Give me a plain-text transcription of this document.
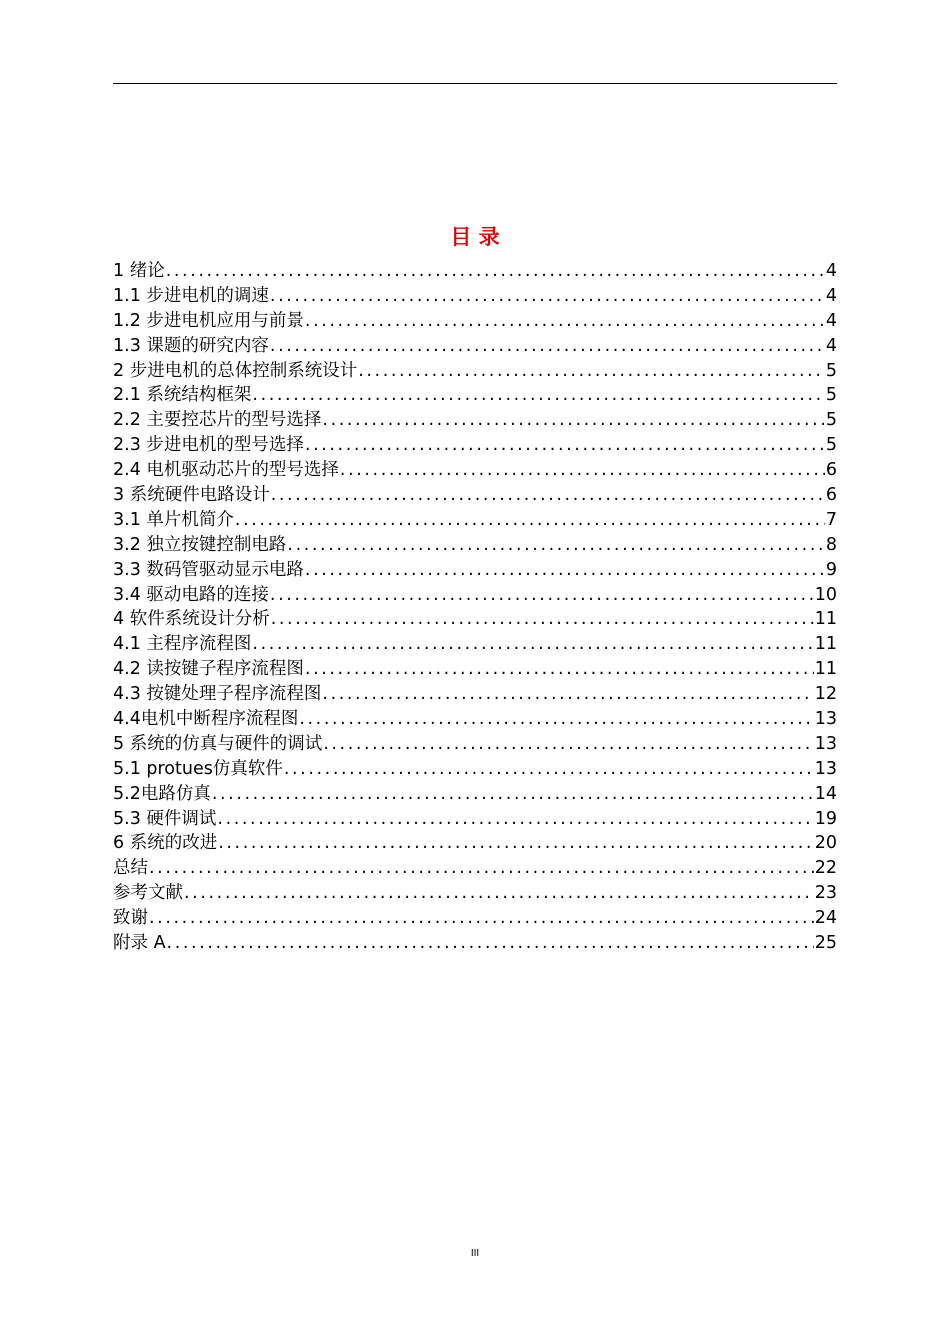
目 录
1 绪论 .....	4
1.1 步进电机的调速 .....	4
1.2 步进电机应用与前景 .....	4
1.3 课题的研究内容 .....	4
2 步进电机的总体控制系统设计 .....	5
2.1 系统结构框架 .....	5
2.2 主要控芯片的型号选择 .....	5
2.3 步进电机的型号选择 .....	5
2.4 电机驱动芯片的型号选择 .....	6
3 系统硬件电路设计 .....	6
3.1 单片机简介 .....	7
3.2 独立按键控制电路 .....	8
3.3 数码管驱动显示电路 .....	9
3.4 驱动电路的连接 .....	10
4 软件系统设计分析 .....	11
4.1 主程序流程图 .....	11
4.2 读按键子程序流程图 .....	11
4.3 按键处理子程序流程图 .....	12
4.4电机中断程序流程图 .....	13
5 系统的仿真与硬件的调试 .....	13
5.1 protues仿真软件 .....	13
5.2电路仿真 .....	14
5.3 硬件调试 .....	19
6 系统的改进 .....	20
总结 .....	22
参考文献 .....	23
致谢 .....	24
附录 A .....	25
III
